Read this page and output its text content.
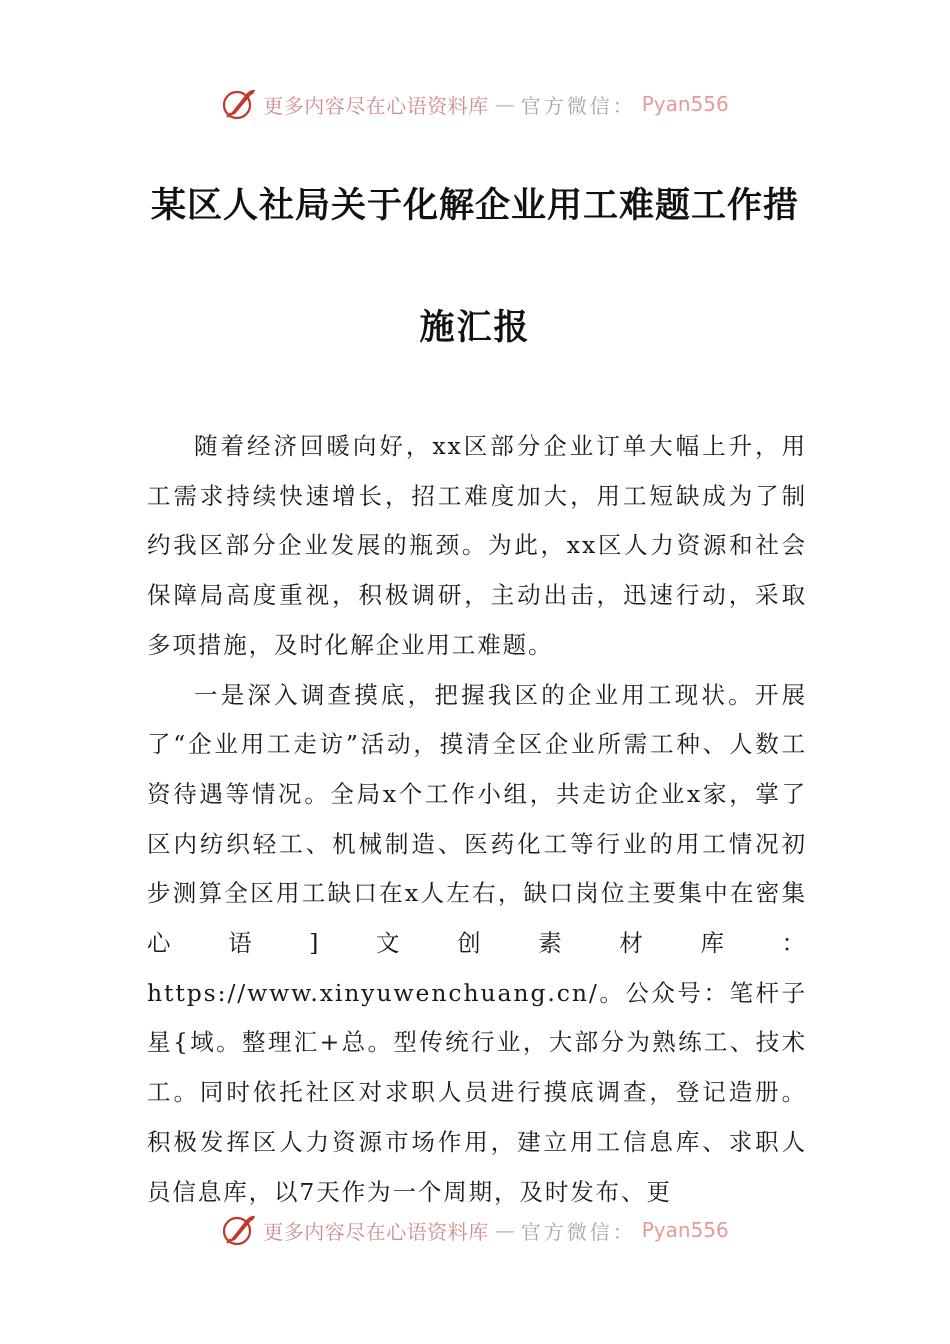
更多内容尽在心语资料库 — 官方微信： Pyan556
某区人社局关于化解企业用工难题工作措
施汇报

随着经济回暖向好，xx区部分企业订单大幅上升，用工需求持续快速增长，招工难度加大，用工短缺成为了制约我区部分企业发展的瓶颈。为此，xx区人力资源和社会保障局高度重视，积极调研，主动出击，迅速行动，采取多项措施，及时化解企业用工难题。

一是深入调查摸底，把握我区的企业用工现状。开展了“企业用工走访”活动，摸清全区企业所需工种、人数工资待遇等情况。全局x个工作小组，共走访企业x家，掌了区内纺织轻工、机械制造、医药化工等行业的用工情况初步测算全区用工缺口在x人左右，缺口岗位主要集中在密集心语]文创素材库：https://www.xinyuwenchuang.cn/。公众号：笔杆子星{域。整理汇+总。型传统行业，大部分为熟练工、技术工。同时依托社区对求职人员进行摸底调查，登记造册。积极发挥区人力资源市场作用，建立用工信息库、求职人员信息库，以7天作为一个周期，及时发布、更

更多内容尽在心语资料库 — 官方微信： Pyan556
